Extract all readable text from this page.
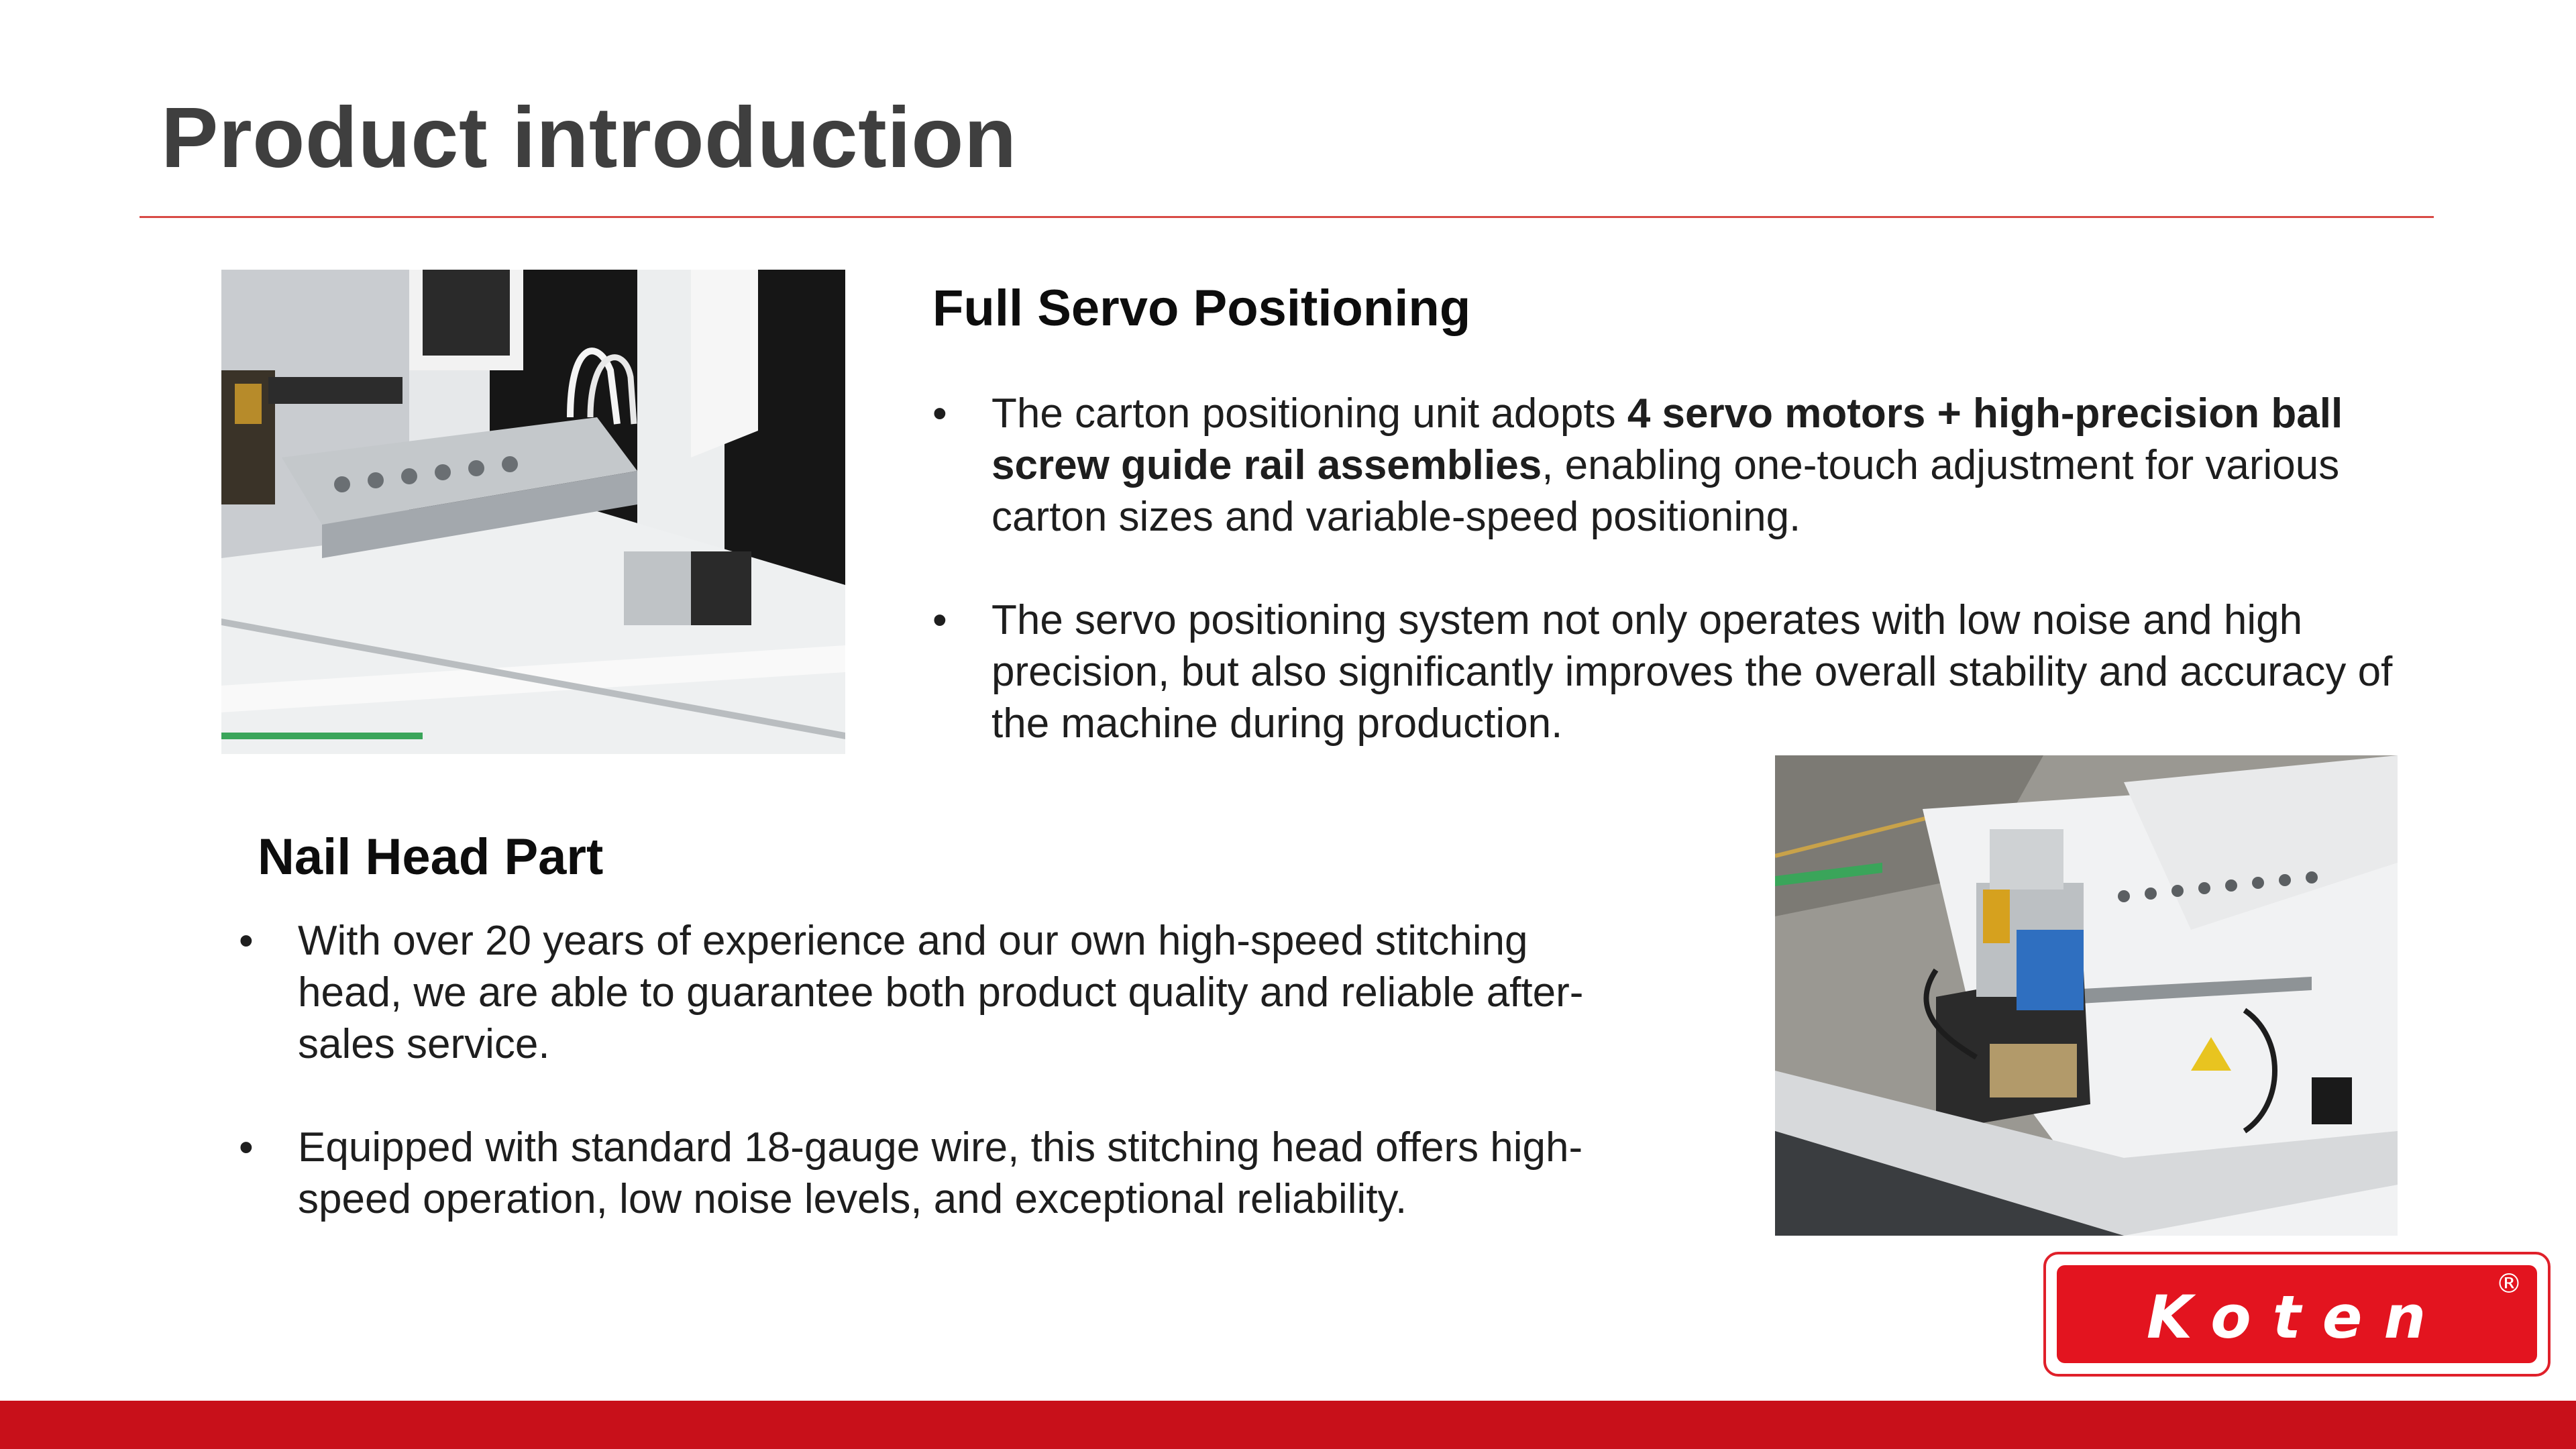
Product introduction
Full Servo Positioning
• The carton positioning unit adopts 4 servo motors + high-precision ball screw guide rail assemblies, enabling one-touch adjustment for various carton sizes and variable-speed positioning.
• The servo positioning system not only operates with low noise and high precision, but also significantly improves the overall stability and accuracy of the machine during production.
Nail Head Part
• With over 20 years of experience and our own high-speed stitching head, we are able to guarantee both product quality and reliable after-sales service.
• Equipped with standard 18-gauge wire, this stitching head offers high-speed operation, low noise levels, and exceptional reliability.
Koten	®
